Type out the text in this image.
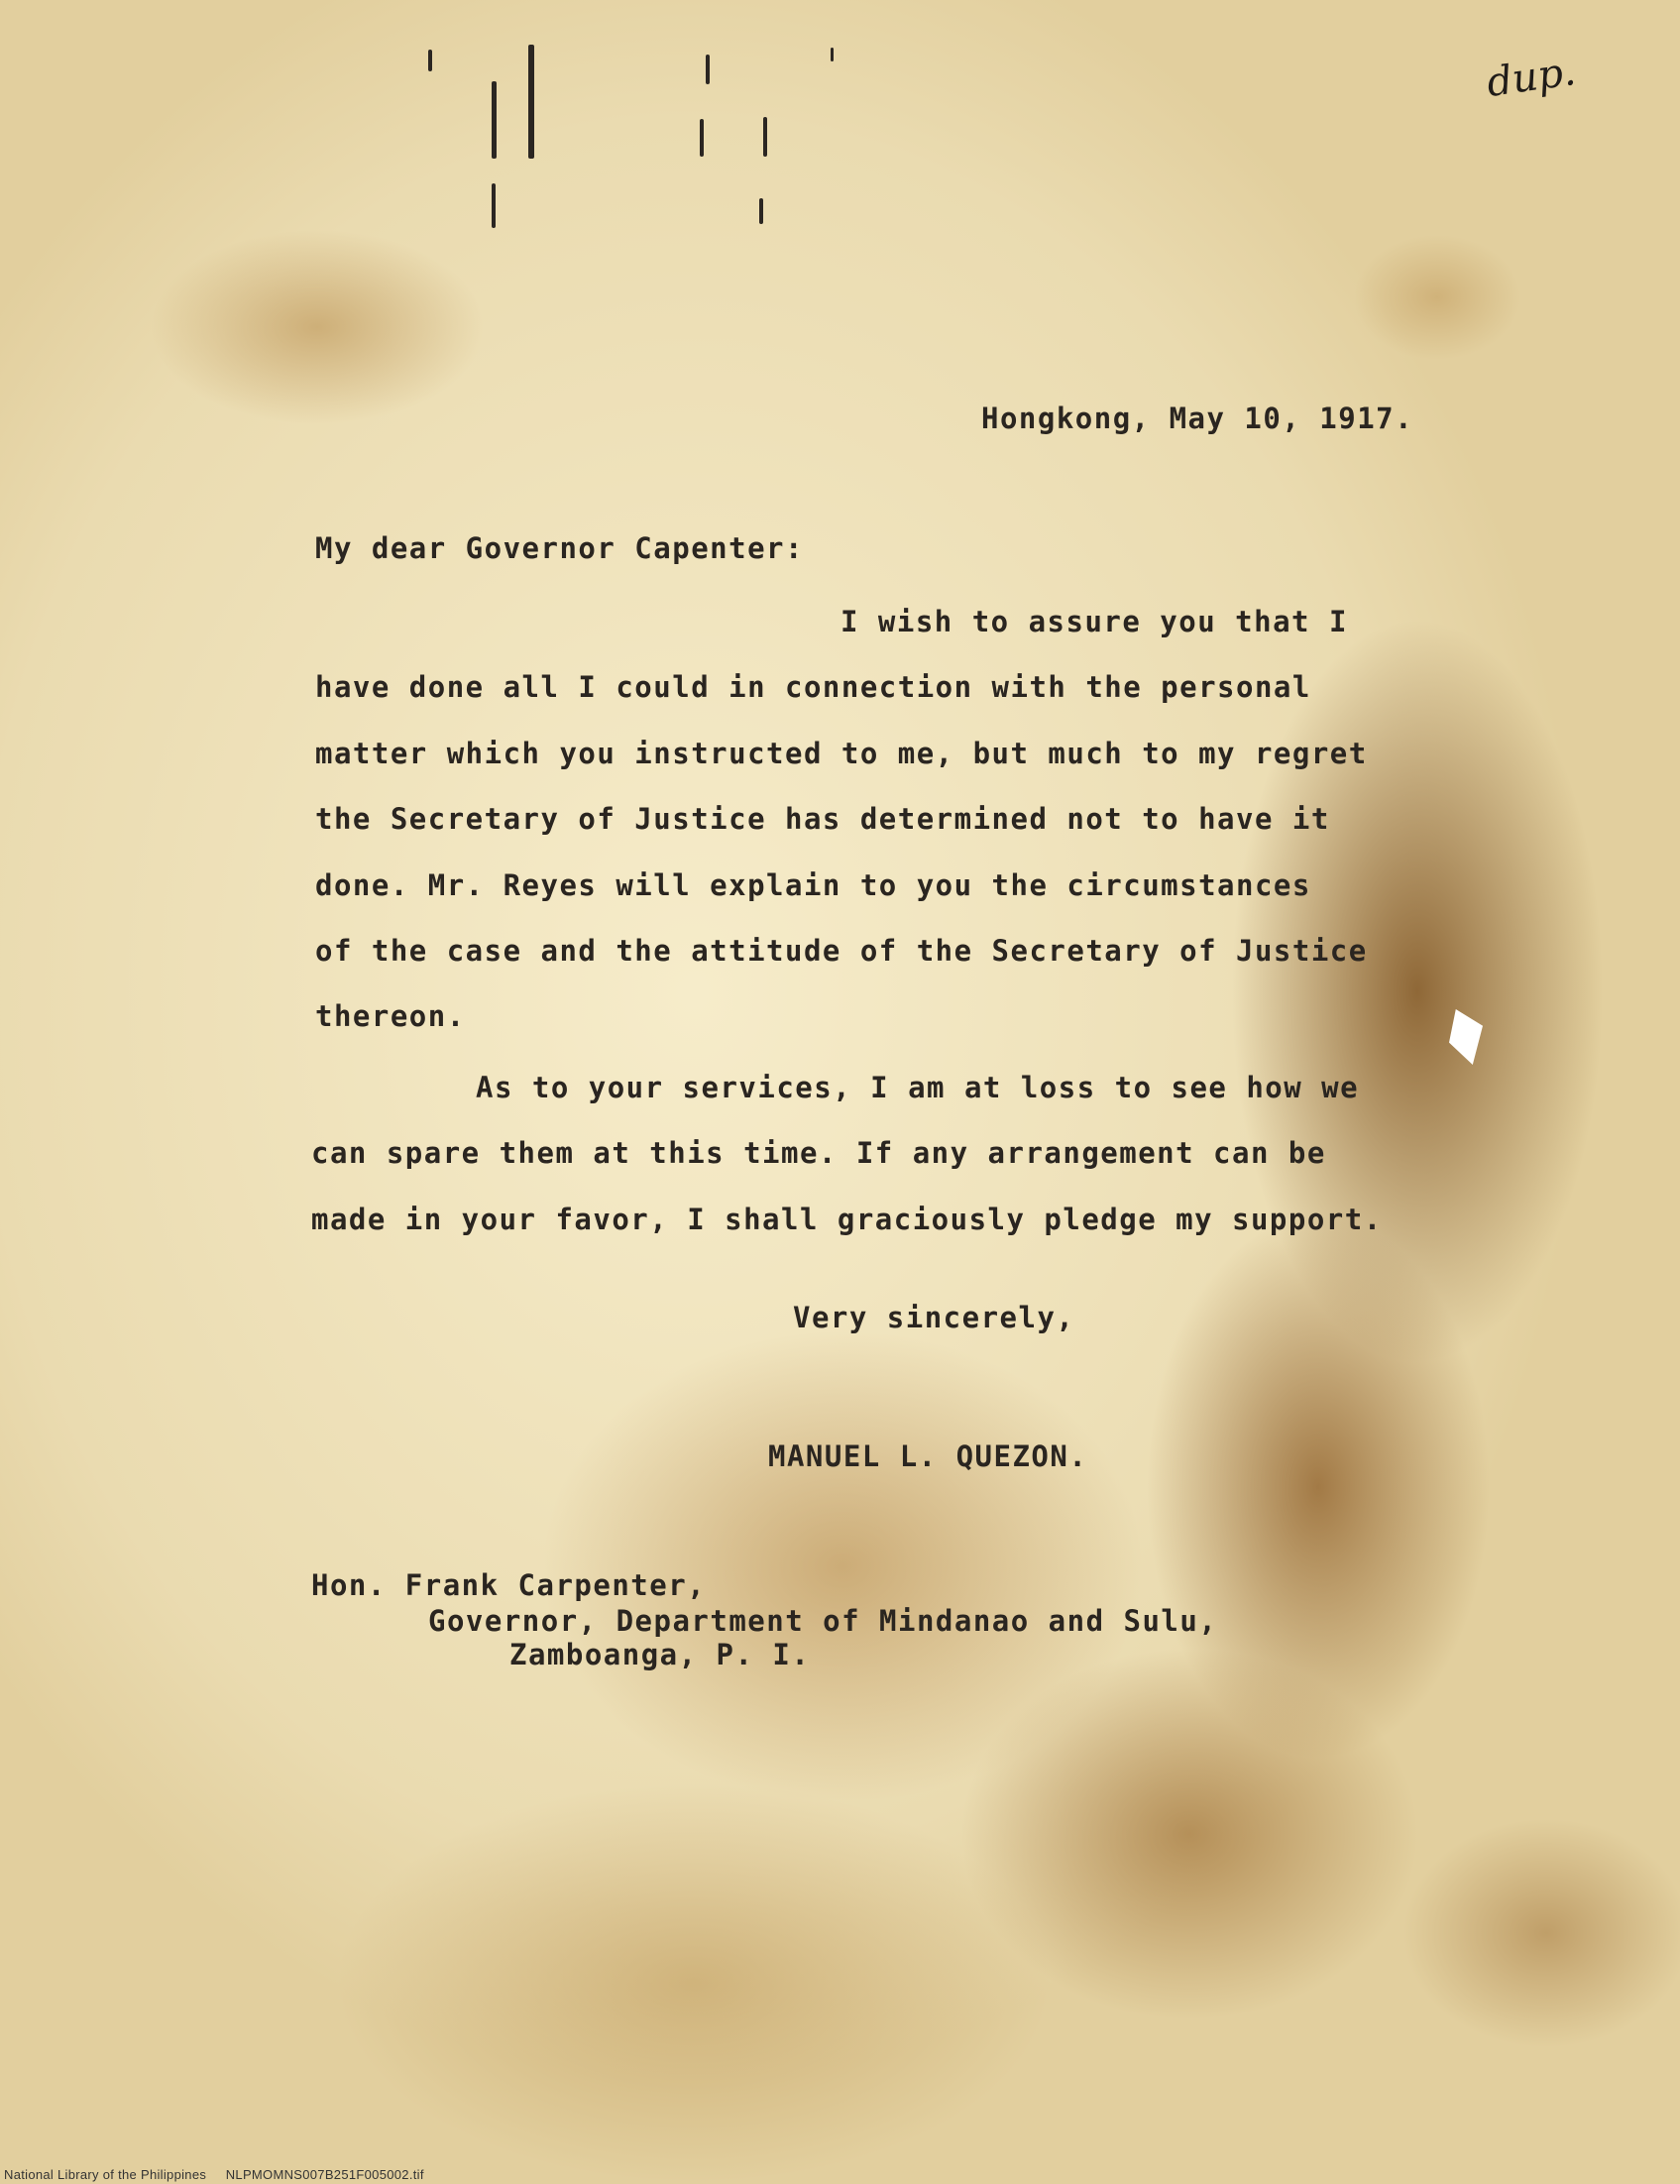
dup.
Hongkong, May 10, 1917.
My dear Governor Capenter:
I wish to assure you that I
have done all I could in connection with the personal
matter which you instructed to me, but much to my regret
the Secretary of Justice has determined not to have it
done. Mr. Reyes will explain to you the circumstances
of the case and the attitude of the Secretary of Justice
thereon.
As to your services, I am at loss to see how we
can spare them at this time. If any arrangement can be
made in your favor, I shall graciously pledge my support.
Very sincerely,
MANUEL L. QUEZON.
Hon. Frank Carpenter,
Governor, Department of Mindanao and Sulu,
Zamboanga, P. I.
National Library of the Philippines     NLPMOMNS007B251F005002.tif
